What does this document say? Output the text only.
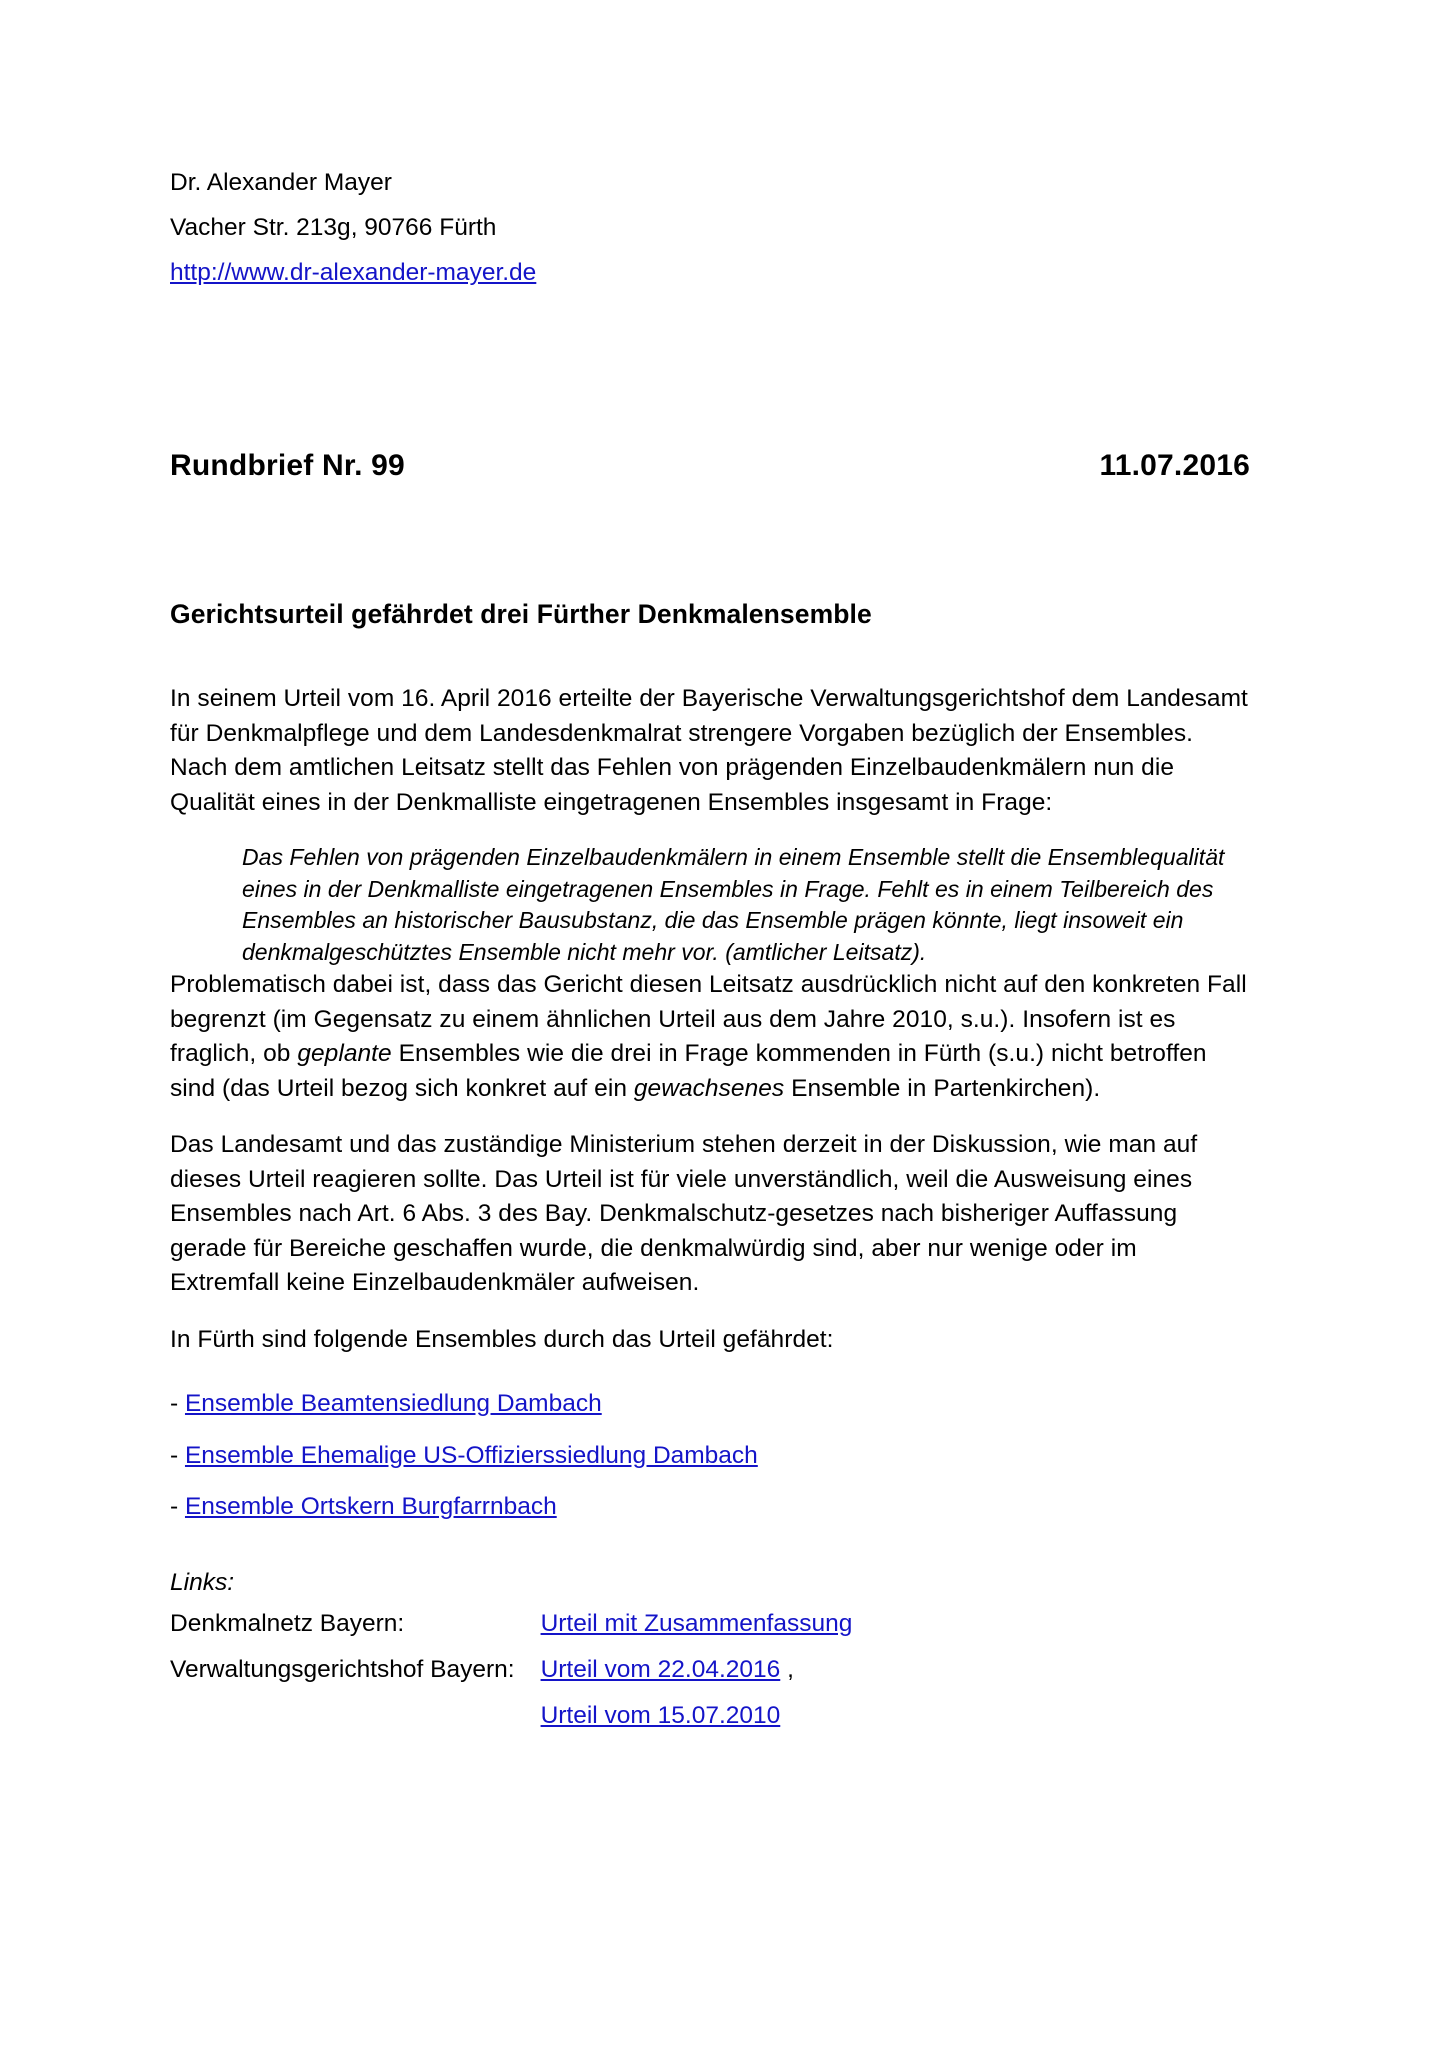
Dr. Alexander Mayer
Vacher Str. 213g, 90766 Fürth
http://www.dr-alexander-mayer.de
Rundbrief Nr. 99	11.07.2016
Gerichtsurteil gefährdet drei Fürther Denkmalensemble

In seinem Urteil vom 16. April 2016 erteilte der Bayerische Verwaltungsgerichtshof dem Landesamt für Denkmalpflege und dem Landesdenkmalrat strengere Vorgaben bezüglich der Ensembles. Nach dem amtlichen Leitsatz stellt das Fehlen von prägenden Einzelbaudenkmälern nun die Qualität eines in der Denkmalliste eingetragenen Ensembles insgesamt in Frage:

Das Fehlen von prägenden Einzelbaudenkmälern in einem Ensemble stellt die Ensemblequalität eines in der Denkmalliste eingetragenen Ensembles in Frage. Fehlt es in einem Teilbereich des Ensembles an historischer Bausubstanz, die das Ensemble prägen könnte, liegt insoweit ein denkmalgeschütztes Ensemble nicht mehr vor. (amtlicher Leitsatz).

Problematisch dabei ist, dass das Gericht diesen Leitsatz ausdrücklich nicht auf den konkreten Fall begrenzt (im Gegensatz zu einem ähnlichen Urteil aus dem Jahre 2010, s.u.). Insofern ist es fraglich, ob geplante Ensembles wie die drei in Frage kommenden in Fürth (s.u.) nicht betroffen sind (das Urteil bezog sich konkret auf ein gewachsenes Ensemble in Partenkirchen).

Das Landesamt und das zuständige Ministerium stehen derzeit in der Diskussion, wie man auf dieses Urteil reagieren sollte. Das Urteil ist für viele unverständlich, weil die Ausweisung eines Ensembles nach Art. 6 Abs. 3 des Bay. Denkmalschutz-gesetzes nach bisheriger Auffassung gerade für Bereiche geschaffen wurde, die denkmalwürdig sind, aber nur wenige oder im Extremfall keine Einzelbaudenkmäler aufweisen.

In Fürth sind folgende Ensembles durch das Urteil gefährdet:

- Ensemble Beamtensiedlung Dambach
- Ensemble Ehemalige US-Offizierssiedlung Dambach
- Ensemble Ortskern Burgfarrnbach
Links:
Denkmalnetz Bayern:	Urteil mit Zusammenfassung
Verwaltungsgerichtshof Bayern:	Urteil vom 22.04.2016 ,
	Urteil vom 15.07.2010
